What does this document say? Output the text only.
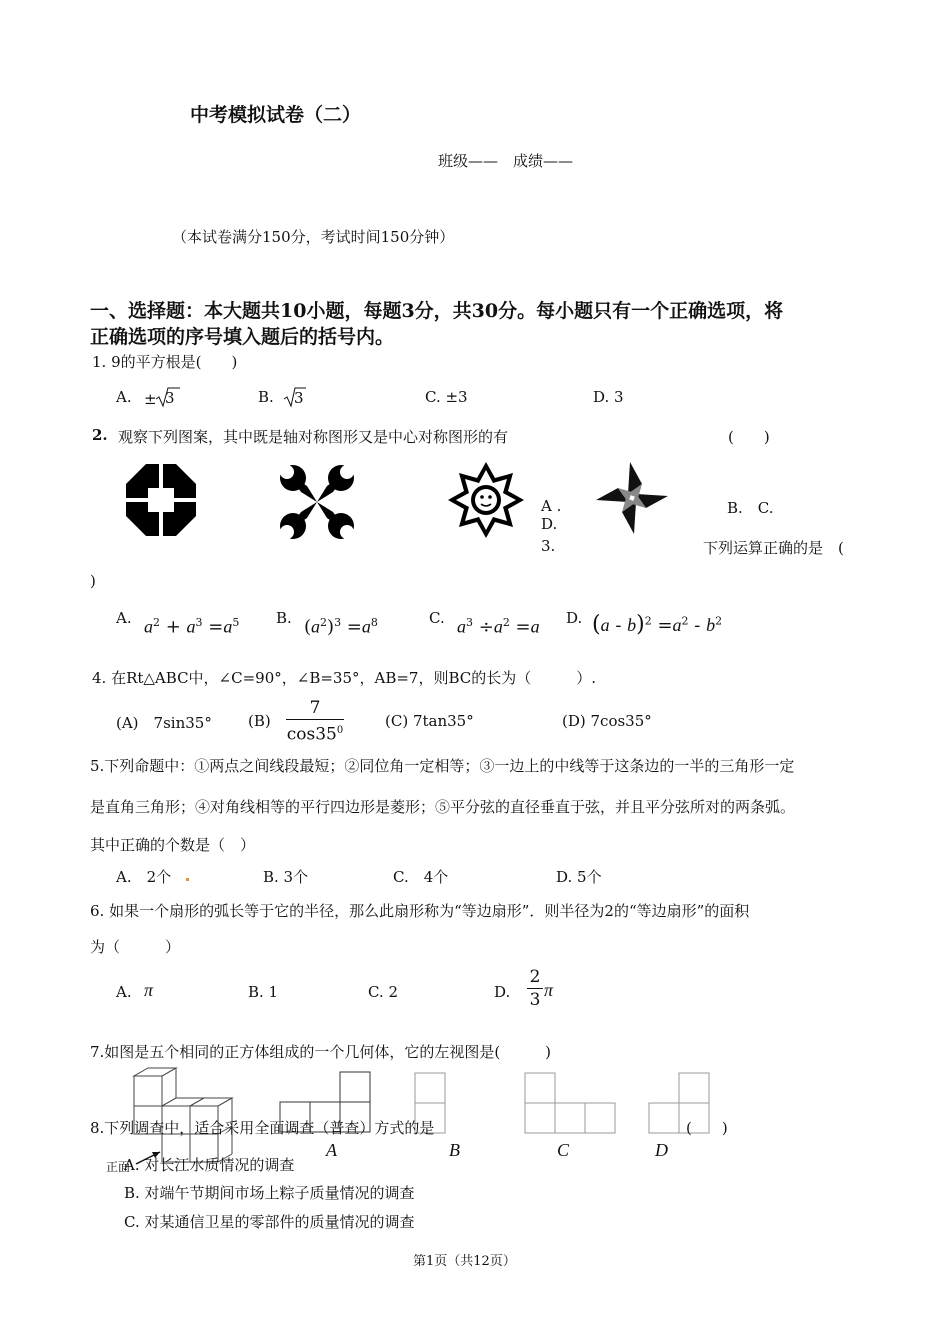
中考模拟试卷（二）
班级——　成绩——
（本试卷满分150分，考试时间150分钟）
一、选择题：本大题共10小题，每题3分，共30分。每小题只有一个正确选项，将
正确选项的序号填入题后的括号内。
1. 9的平方根是(　　)
A. ± 3	B. 3	C. ±3	D. 3
2. 观察下列图案，其中既是轴对称图形又是中心对称图形的有	(　　)
A .
D.
B.　C.
3.	下列运算正确的是　(
)
A. $a^2 + a^3 =a^5$ B. $(a^2)^3 =a^8$	C. $a^3 \div a^2 =a$ D. $(a - b)^2 =a^2 - b^2$
4. 在Rt△ABC中，∠C=90°，∠B=35°，AB=7，则BC的长为（　　　）.
(A)　7sin35° (B)
7
$\cos 35^0$
(C) 7tan35°	(D) 7cos35°
5.下列命题中：①两点之间线段最短；②同位角一定相等；③一边上的中线等于这条边的一半的三角形一定
是直角三角形；④对角线相等的平行四边形是菱形；⑤平分弦的直径垂直于弦，并且平分弦所对的两条弧。
其中正确的个数是（　）
A.　2个	B. 3个	C.　4个	D. 5个
6. 如果一个扇形的弧长等于它的半径，那么此扇形称为“等边扇形”．则半径为2的“等边扇形”的面积
为（　　　）
A. π	B. 1	C. 2	D.
2
3 π
7.如图是五个相同的正方体组成的一个几何体，它的左视图是(　　　)
正面
A	B	C	D
8.下列调查中，适合采用全面调查（普查）方式的是	(　　)
A. 对长江水质情况的调查
B. 对端午节期间市场上粽子质量情况的调查
C. 对某通信卫星的零部件的质量情况的调查
第1页（共12页）
